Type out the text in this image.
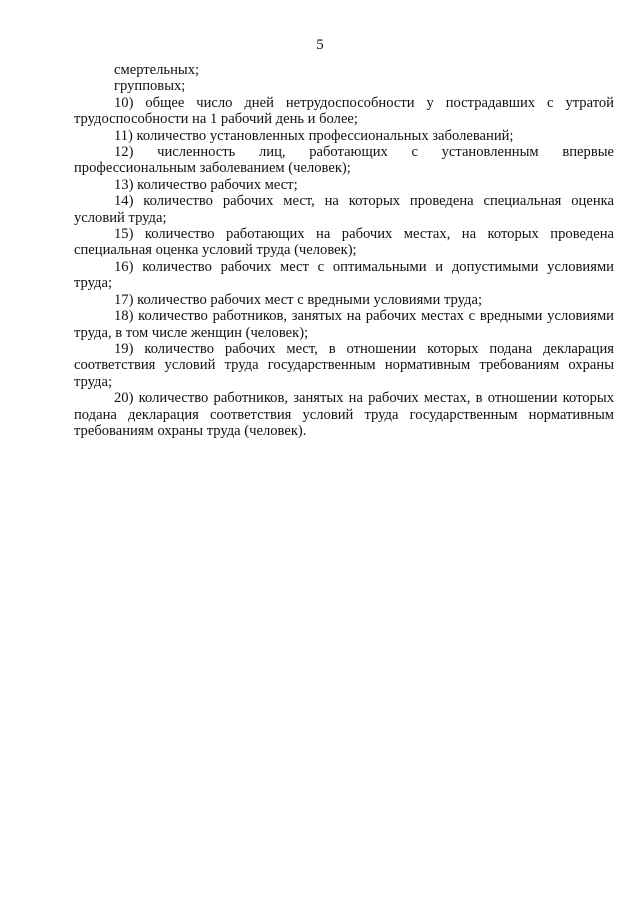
5

смертельных;

групповых;

10) общее число дней нетрудоспособности у пострадавших с утратой трудоспособности на 1 рабочий день и более;

11) количество установленных профессиональных заболеваний;

12) численность лиц, работающих с установленным впервые профессиональным заболеванием (человек);

13) количество рабочих мест;

14) количество рабочих мест, на которых проведена специальная оценка условий труда;

15) количество работающих на рабочих местах, на которых проведена специальная оценка условий труда (человек);

16) количество рабочих мест с оптимальными и допустимыми условиями труда;

17) количество рабочих мест с вредными условиями труда;

18) количество работников, занятых на рабочих местах с вредными условиями труда, в том числе женщин (человек);

19) количество рабочих мест, в отношении которых подана декларация соответствия условий труда государственным нормативным требованиям охраны труда;

20) количество работников, занятых на рабочих местах, в отношении которых подана декларация соответствия условий труда государственным нормативным требованиям охраны труда (человек).
